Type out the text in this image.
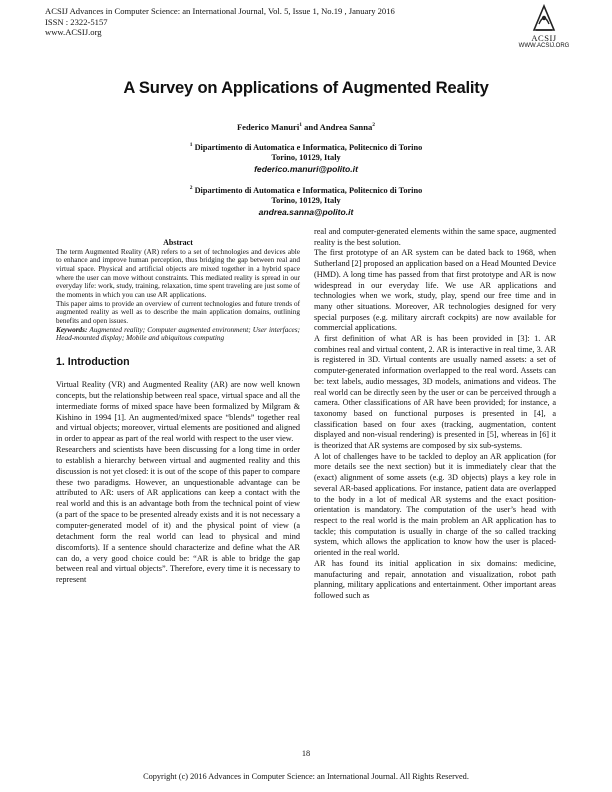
ACSIJ Advances in Computer Science: an International Journal, Vol. 5, Issue 1, No.19 , January 2016
ISSN : 2322-5157
www.ACSIJ.org
ACSIJ
WWW.ACSIJ.ORG
A Survey on Applications of Augmented Reality
Federico Manuri$^1$ and Andrea Sanna$^2$
$^1$ Dipartimento di Automatica e Informatica, Politecnico di Torino
Torino, 10129, Italy
federico.manuri@polito.it
$^2$ Dipartimento di Automatica e Informatica, Politecnico di Torino
Torino, 10129, Italy
andrea.sanna@polito.it
Abstract

The term Augmented Reality (AR) refers to a set of technologies and devices able to enhance and improve human perception, thus bridging the gap between real and virtual space. Physical and artificial objects are mixed together in a hybrid space where the user can move without constraints. This mediated reality is spread in our everyday life: work, study, training, relaxation, time spent traveling are just some of the moments in which you can use AR applications.

This paper aims to provide an overview of current technologies and future trends of augmented reality as well as to describe the main application domains, outlining benefits and open issues.

Keywords: Augmented reality; Computer augmented environment; User interfaces; Head-mounted display; Mobile and ubiquitous computing

1. Introduction

Virtual Reality (VR) and Augmented Reality (AR) are now well known concepts, but the relationship between real space, virtual space and all the intermediate forms of mixed space have been formalized by Milgram & Kishino in 1994 [1]. An augmented/mixed space “blends” together real and virtual objects; moreover, virtual elements are positioned and aligned in order to appear as part of the real world with respect to the user view.

Researchers and scientists have been discussing for a long time in order to establish a hierarchy between virtual and augmented reality and this discussion is not yet closed: it is out of the scope of this paper to compare these two paradigms. However, an unquestionable advantage can be attributed to AR: users of AR applications can keep a contact with the real world and this is an advantage both from the technical point of view (a part of the space to be presented already exists and it is not necessary a computer-generated model of it) and the physical point of view (a detachment form the real world can lead to physical and mind discomforts). If a sentence should characterize and define what the AR can do, a very good choice could be: “AR is able to bridge the gap between real and virtual objects”. Therefore, every time it is necessary to represent

real and computer-generated elements within the same space, augmented reality is the best solution.

The first prototype of an AR system can be dated back to 1968, when Sutherland [2] proposed an application based on a Head Mounted Device (HMD). A long time has passed from that first prototype and AR is now widespread in our everyday life. We use AR applications and technologies when we work, study, play, spend our free time and in many other situations. Moreover, AR technologies designed for very special purposes (e.g. military aircraft cockpits) are now available for commercial applications.

A first definition of what AR is has been provided in [3]: 1. AR combines real and virtual content, 2. AR is interactive in real time, 3. AR is registered in 3D. Virtual contents are usually named assets: a set of computer-generated information overlapped to the real word. Assets can be: text labels, audio messages, 3D models, animations and videos. The real world can be directly seen by the user or can be perceived through a camera. Other classifications of AR have been provided; for instance, a taxonomy based on functional purposes is presented in [4], a classification based on four axes (tracking, augmentation, content displayed and non-visual rendering) is presented in [5], whereas in [6] it is theorized that AR systems are composed by six sub-systems.

A lot of challenges have to be tackled to deploy an AR application (for more details see the next section) but it is immediately clear that the (exact) alignment of some assets (e.g. 3D objects) plays a key role in several AR-based applications. For instance, patient data are overlapped to the body in a lot of medical AR systems and the exact position-orientation is mandatory. The computation of the user’s head with respect to the real world is the main problem an AR application has to tackle; this computation is usually in charge of the so called tracking system, which allows the application to know how the user is placed-oriented in the real world.

AR has found its initial application in six domains: medicine, manufacturing and repair, annotation and visualization, robot path planning, military applications and entertainment. Other important areas followed such as

18
Copyright (c) 2016 Advances in Computer Science: an International Journal. All Rights Reserved.
